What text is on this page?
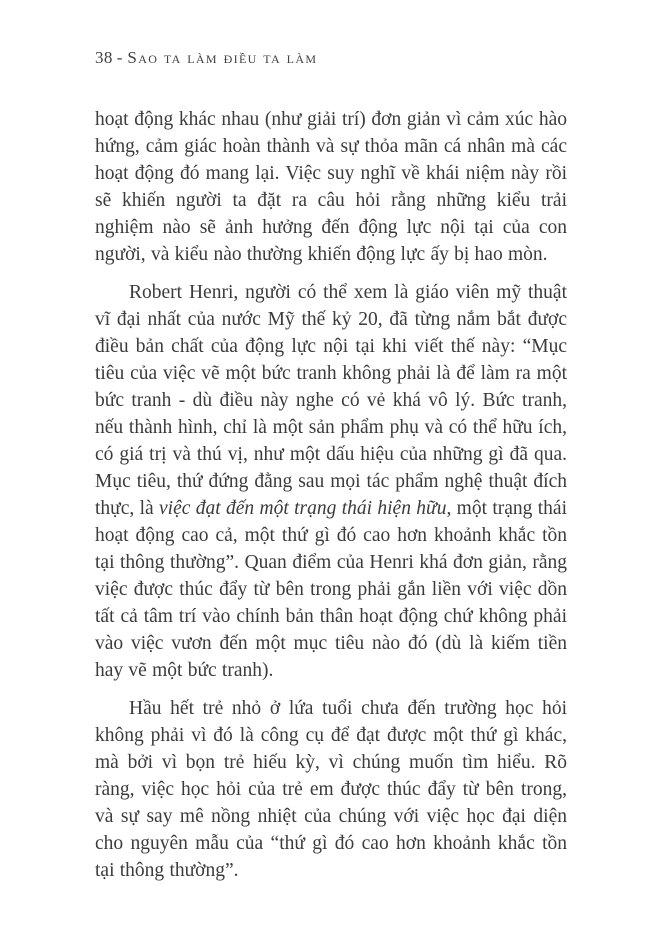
38 - Sao ta làm điều ta làm

hoạt động khác nhau (như giải trí) đơn giản vì cảm xúc hào hứng, cảm giác hoàn thành và sự thỏa mãn cá nhân mà các hoạt động đó mang lại. Việc suy nghĩ về khái niệm này rồi sẽ khiến người ta đặt ra câu hỏi rằng những kiểu trải nghiệm nào sẽ ảnh hưởng đến động lực nội tại của con người, và kiểu nào thường khiến động lực ấy bị hao mòn.

Robert Henri, người có thể xem là giáo viên mỹ thuật vĩ đại nhất của nước Mỹ thế kỷ 20, đã từng nắm bắt được điều bản chất của động lực nội tại khi viết thế này: “Mục tiêu của việc vẽ một bức tranh không phải là để làm ra một bức tranh - dù điều này nghe có vẻ khá vô lý. Bức tranh, nếu thành hình, chỉ là một sản phẩm phụ và có thể hữu ích, có giá trị và thú vị, như một dấu hiệu của những gì đã qua. Mục tiêu, thứ đứng đằng sau mọi tác phẩm nghệ thuật đích thực, là việc đạt đến một trạng thái hiện hữu, một trạng thái hoạt động cao cả, một thứ gì đó cao hơn khoảnh khắc tồn tại thông thường”. Quan điểm của Henri khá đơn giản, rằng việc được thúc đẩy từ bên trong phải gắn liền với việc dồn tất cả tâm trí vào chính bản thân hoạt động chứ không phải vào việc vươn đến một mục tiêu nào đó (dù là kiếm tiền hay vẽ một bức tranh).

Hầu hết trẻ nhỏ ở lứa tuổi chưa đến trường học hỏi không phải vì đó là công cụ để đạt được một thứ gì khác, mà bởi vì bọn trẻ hiếu kỳ, vì chúng muốn tìm hiểu. Rõ ràng, việc học hỏi của trẻ em được thúc đẩy từ bên trong, và sự say mê nồng nhiệt của chúng với việc học đại diện cho nguyên mẫu của “thứ gì đó cao hơn khoảnh khắc tồn tại thông thường”.
